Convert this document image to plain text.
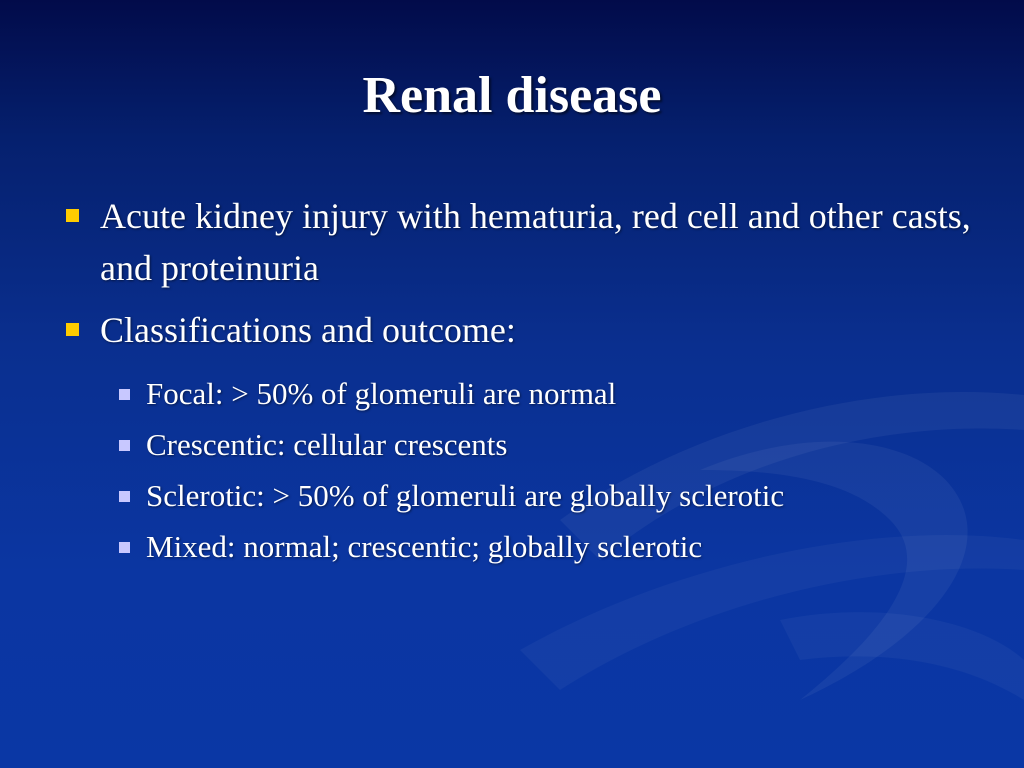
Renal disease
Acute kidney injury with hematuria, red cell and other casts, and proteinuria
Classifications and outcome:
Focal: > 50% of glomeruli are normal
Crescentic: cellular crescents
Sclerotic: > 50% of glomeruli are globally sclerotic
Mixed: normal; crescentic; globally sclerotic
